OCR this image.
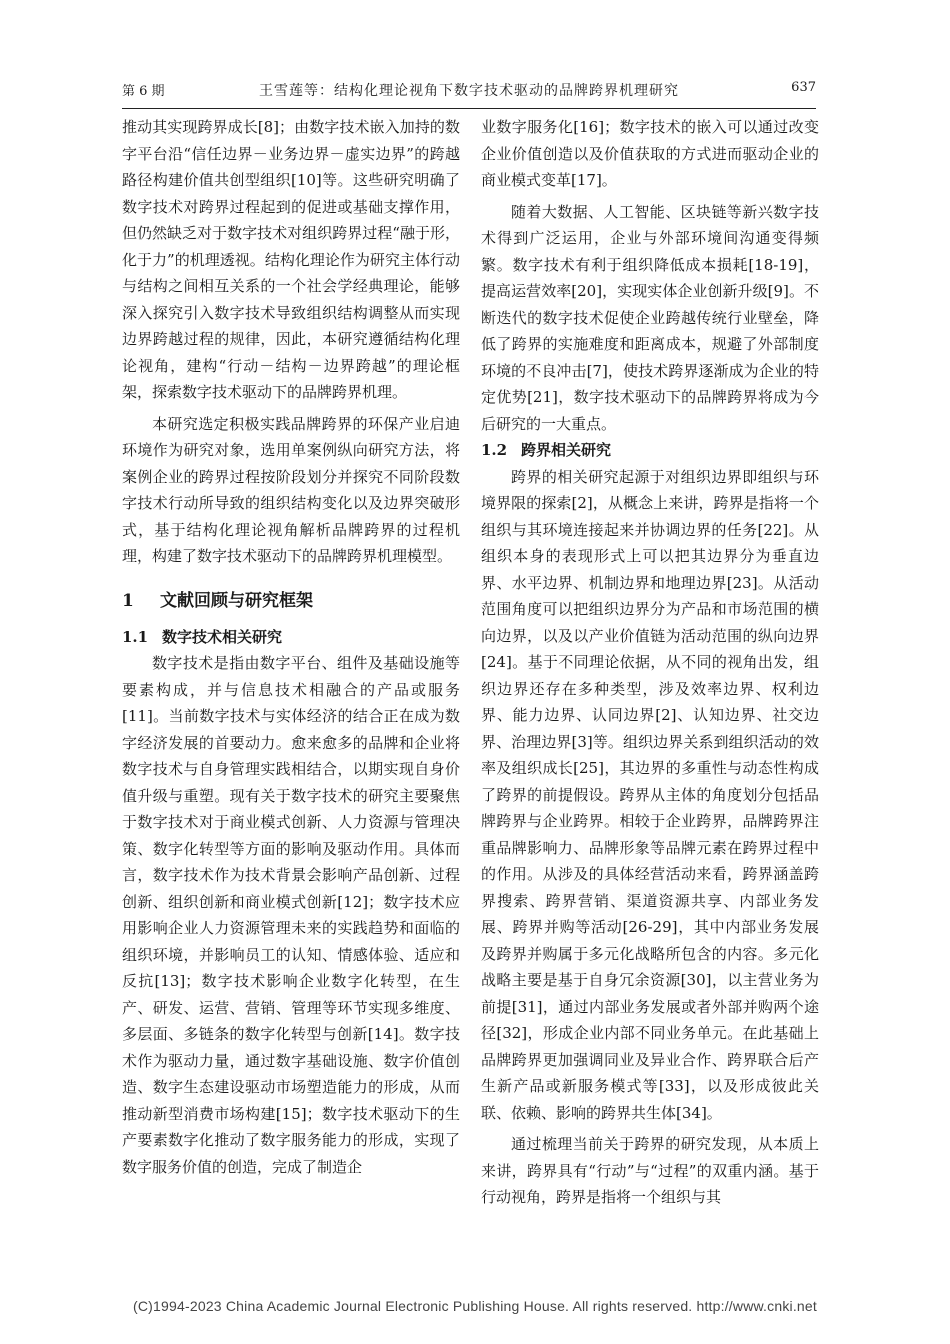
第 6 期	王雪莲等：结构化理论视角下数字技术驱动的品牌跨界机理研究	637

推动其实现跨界成长[8]；由数字技术嵌入加持的数字平台沿“信任边界－业务边界－虚实边界”的跨越路径构建价值共创型组织[10]等。这些研究明确了数字技术对跨界过程起到的促进或基础支撑作用，但仍然缺乏对于数字技术对组织跨界过程“融于形，化于力”的机理透视。结构化理论作为研究主体行动与结构之间相互关系的一个社会学经典理论，能够深入探究引入数字技术导致组织结构调整从而实现边界跨越过程的规律，因此，本研究遵循结构化理论视角，建构“行动－结构－边界跨越”的理论框架，探索数字技术驱动下的品牌跨界机理。

本研究选定积极实践品牌跨界的环保产业启迪环境作为研究对象，选用单案例纵向研究方法，将案例企业的跨界过程按阶段划分并探究不同阶段数字技术行动所导致的组织结构变化以及边界突破形式，基于结构化理论视角解析品牌跨界的过程机理，构建了数字技术驱动下的品牌跨界机理模型。

1 文献回顾与研究框架
1.1 数字技术相关研究

数字技术是指由数字平台、组件及基础设施等要素构成，并与信息技术相融合的产品或服务[11]。当前数字技术与实体经济的结合正在成为数字经济发展的首要动力。愈来愈多的品牌和企业将数字技术与自身管理实践相结合，以期实现自身价值升级与重塑。现有关于数字技术的研究主要聚焦于数字技术对于商业模式创新、人力资源与管理决策、数字化转型等方面的影响及驱动作用。具体而言，数字技术作为技术背景会影响产品创新、过程创新、组织创新和商业模式创新[12]；数字技术应用影响企业人力资源管理未来的实践趋势和面临的组织环境，并影响员工的认知、情感体验、适应和反抗[13]；数字技术影响企业数字化转型，在生产、研发、运营、营销、管理等环节实现多维度、多层面、多链条的数字化转型与创新[14]。数字技术作为驱动力量，通过数字基础设施、数字价值创造、数字生态建设驱动市场塑造能力的形成，从而推动新型消费市场构建[15]；数字技术驱动下的生产要素数字化推动了数字服务能力的形成，实现了数字服务价值的创造，完成了制造企

业数字服务化[16]；数字技术的嵌入可以通过改变企业价值创造以及价值获取的方式进而驱动企业的商业模式变革[17]。

随着大数据、人工智能、区块链等新兴数字技术得到广泛运用，企业与外部环境间沟通变得频繁。数字技术有利于组织降低成本损耗[18-19]，提高运营效率[20]，实现实体企业创新升级[9]。不断迭代的数字技术促使企业跨越传统行业壁垒，降低了跨界的实施难度和距离成本，规避了外部制度环境的不良冲击[7]，使技术跨界逐渐成为企业的特定优势[21]，数字技术驱动下的品牌跨界将成为今后研究的一大重点。

1.2 跨界相关研究

跨界的相关研究起源于对组织边界即组织与环境界限的探索[2]，从概念上来讲，跨界是指将一个组织与其环境连接起来并协调边界的任务[22]。从组织本身的表现形式上可以把其边界分为垂直边界、水平边界、机制边界和地理边界[23]。从活动范围角度可以把组织边界分为产品和市场范围的横向边界，以及以产业价值链为活动范围的纵向边界[24]。基于不同理论依据，从不同的视角出发，组织边界还存在多种类型，涉及效率边界、权利边界、能力边界、认同边界[2]、认知边界、社交边界、治理边界[3]等。组织边界关系到组织活动的效率及组织成长[25]，其边界的多重性与动态性构成了跨界的前提假设。跨界从主体的角度划分包括品牌跨界与企业跨界。相较于企业跨界，品牌跨界注重品牌影响力、品牌形象等品牌元素在跨界过程中的作用。从涉及的具体经营活动来看，跨界涵盖跨界搜索、跨界营销、渠道资源共享、内部业务发展、跨界并购等活动[26-29]，其中内部业务发展及跨界并购属于多元化战略所包含的内容。多元化战略主要是基于自身冗余资源[30]，以主营业务为前提[31]，通过内部业务发展或者外部并购两个途径[32]，形成企业内部不同业务单元。在此基础上品牌跨界更加强调同业及异业合作、跨界联合后产生新产品或新服务模式等[33]，以及形成彼此关联、依赖、影响的跨界共生体[34]。

通过梳理当前关于跨界的研究发现，从本质上来讲，跨界具有“行动”与“过程”的双重内涵。基于行动视角，跨界是指将一个组织与其

(C)1994-2023 China Academic Journal Electronic Publishing House. All rights reserved. http://www.cnki.net
